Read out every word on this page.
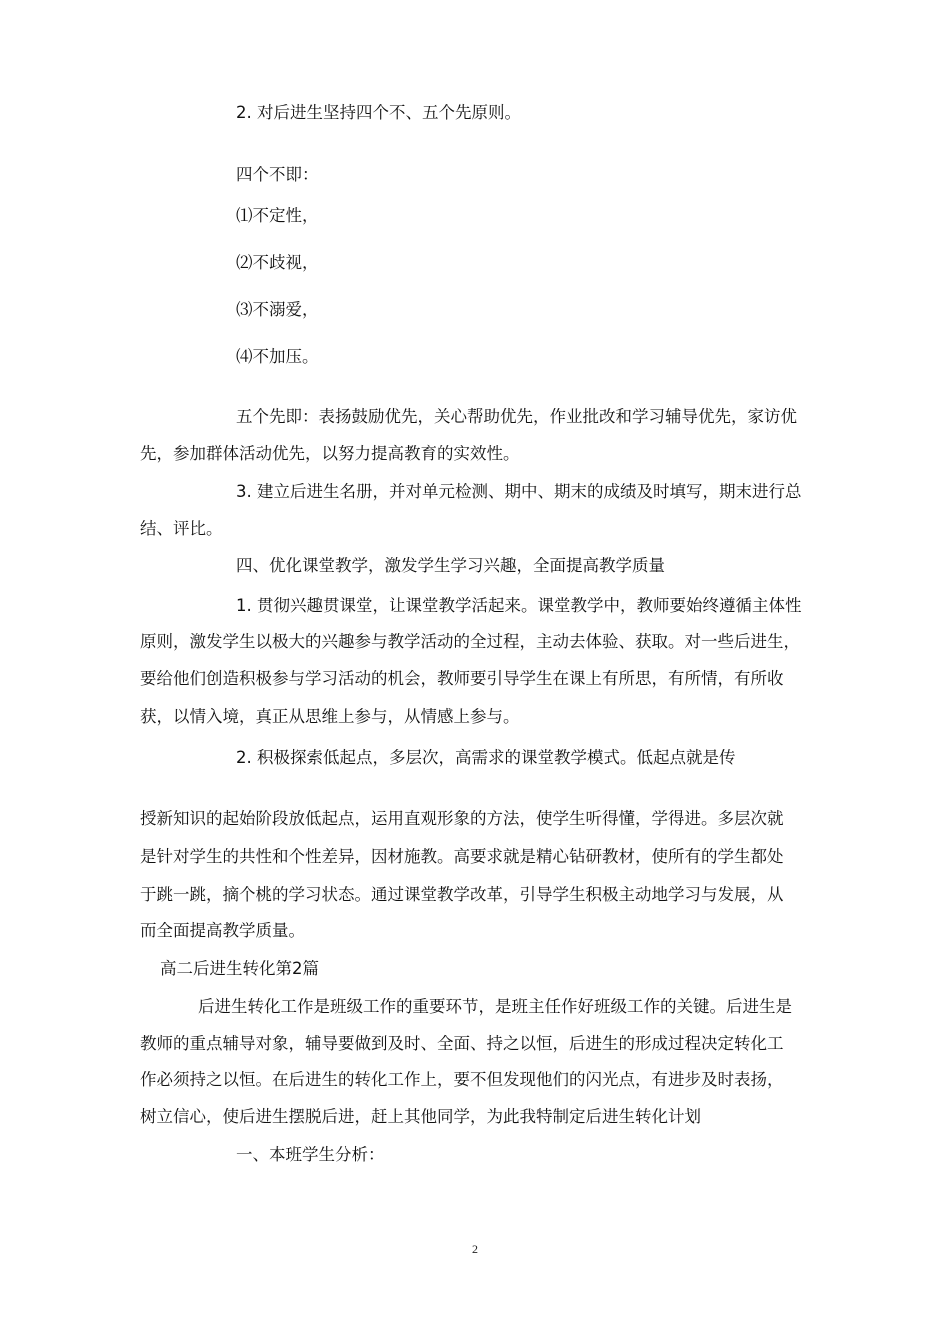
2. 对后进生坚持四个不、五个先原则。

四个不即：

⑴不定性，

⑵不歧视，

⑶不溺爱，

⑷不加压。

五个先即：表扬鼓励优先，关心帮助优先，作业批改和学习辅导优先，家访优

先，参加群体活动优先，以努力提高教育的实效性。

3. 建立后进生名册，并对单元检测、期中、期末的成绩及时填写，期末进行总

结、评比。

四、优化课堂教学，激发学生学习兴趣，全面提高教学质量

1. 贯彻兴趣贯课堂，让课堂教学活起来。课堂教学中，教师要始终遵循主体性

原则，激发学生以极大的兴趣参与教学活动的全过程，主动去体验、获取。对一些后进生，

要给他们创造积极参与学习活动的机会，教师要引导学生在课上有所思，有所情，有所收

获，以情入境，真正从思维上参与，从情感上参与。

2. 积极探索低起点，多层次，高需求的课堂教学模式。低起点就是传

授新知识的起始阶段放低起点，运用直观形象的方法，使学生听得懂，学得进。多层次就

是针对学生的共性和个性差异，因材施教。高要求就是精心钻研教材，使所有的学生都处

于跳一跳，摘个桃的学习状态。通过课堂教学改革，引导学生积极主动地学习与发展，从

而全面提高教学质量。

高二后进生转化第2篇

后进生转化工作是班级工作的重要环节，是班主任作好班级工作的关键。后进生是

教师的重点辅导对象，辅导要做到及时、全面、持之以恒，后进生的形成过程决定转化工

作必须持之以恒。在后进生的转化工作上，要不但发现他们的闪光点，有进步及时表扬，

树立信心，使后进生摆脱后进，赶上其他同学，为此我特制定后进生转化计划

一、本班学生分析：

2
